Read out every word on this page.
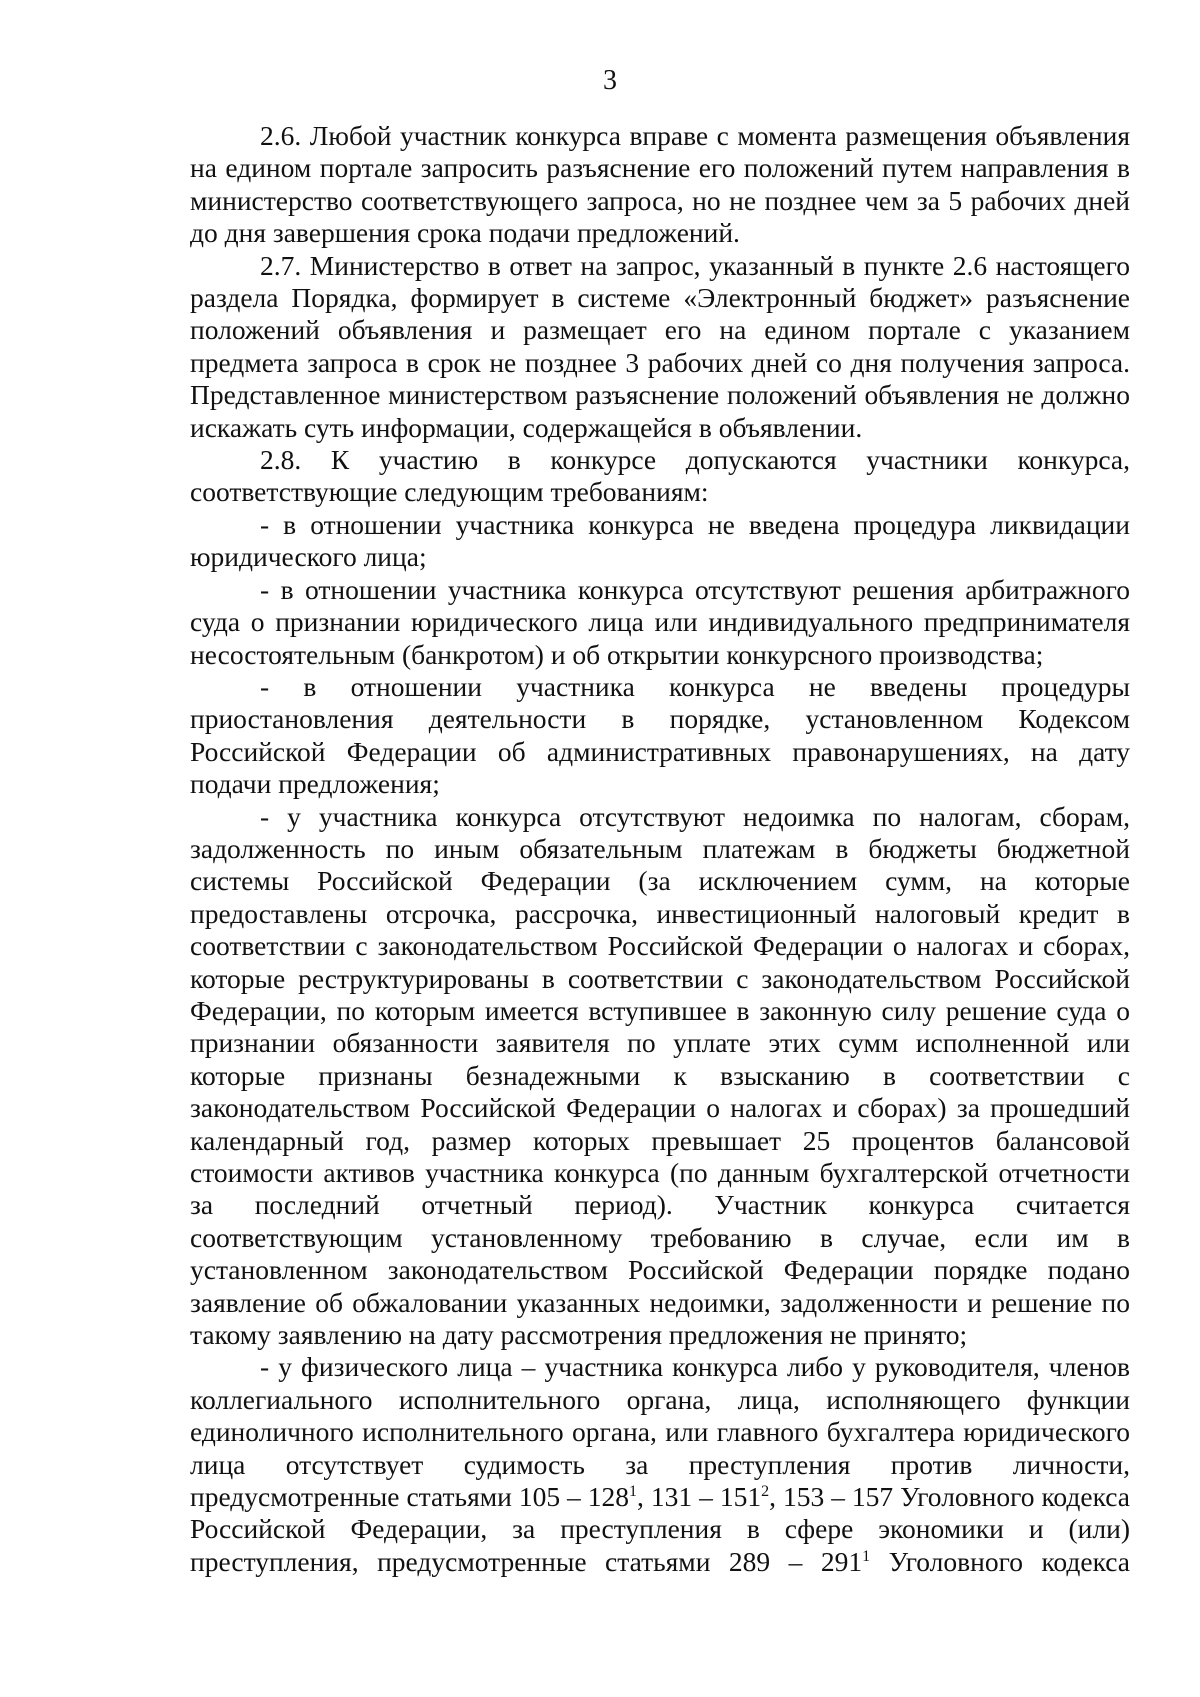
3

2.6. Любой участник конкурса вправе с момента размещения объявления на едином портале запросить разъяснение его положений путем направления в министерство соответствующего запроса, но не позднее чем за 5 рабочих дней до дня завершения срока подачи предложений.

2.7. Министерство в ответ на запрос, указанный в пункте 2.6 настоящего раздела Порядка, формирует в системе «Электронный бюджет» разъяснение положений объявления и размещает его на едином портале с указанием предмета запроса в срок не позднее 3 рабочих дней со дня получения запроса. Представленное министерством разъяснение положений объявления не должно искажать суть информации, содержащейся в объявлении.

2.8. К участию в конкурсе допускаются участники конкурса, соответствующие следующим требованиям:

- в отношении участника конкурса не введена процедура ликвидации юридического лица;

- в отношении участника конкурса отсутствуют решения арбитражного суда о признании юридического лица или индивидуального предпринимателя несостоятельным (банкротом) и об открытии конкурсного производства;

- в отношении участника конкурса не введены процедуры приостановления деятельности в порядке, установленном Кодексом Российской Федерации об административных правонарушениях, на дату подачи предложения;

- у участника конкурса отсутствуют недоимка по налогам, сборам, задолженность по иным обязательным платежам в бюджеты бюджетной системы Российской Федерации (за исключением сумм, на которые предоставлены отсрочка, рассрочка, инвестиционный налоговый кредит в соответствии с законодательством Российской Федерации о налогах и сборах, которые реструктурированы в соответствии с законодательством Российской Федерации, по которым имеется вступившее в законную силу решение суда о признании обязанности заявителя по уплате этих сумм исполненной или которые признаны безнадежными к взысканию в соответствии с законодательством Российской Федерации о налогах и сборах) за прошедший календарный год, размер которых превышает 25 процентов балансовой стоимости активов участника конкурса (по данным бухгалтерской отчетности за последний отчетный период). Участник конкурса считается соответствующим установленному требованию в случае, если им в установленном законодательством Российской Федерации порядке подано заявление об обжаловании указанных недоимки, задолженности и решение по такому заявлению на дату рассмотрения предложения не принято;

- у физического лица – участника конкурса либо у руководителя, членов коллегиального исполнительного органа, лица, исполняющего функции единоличного исполнительного органа, или главного бухгалтера юридического лица отсутствует судимость за преступления против личности, предусмотренные статьями $105 - 128^1$, $131 - 151^2$, 153 – 157 Уголовного кодекса Российской Федерации, за преступления в сфере экономики и (или) преступления, предусмотренные статьями $289 - 291^1$ Уголовного кодекса
